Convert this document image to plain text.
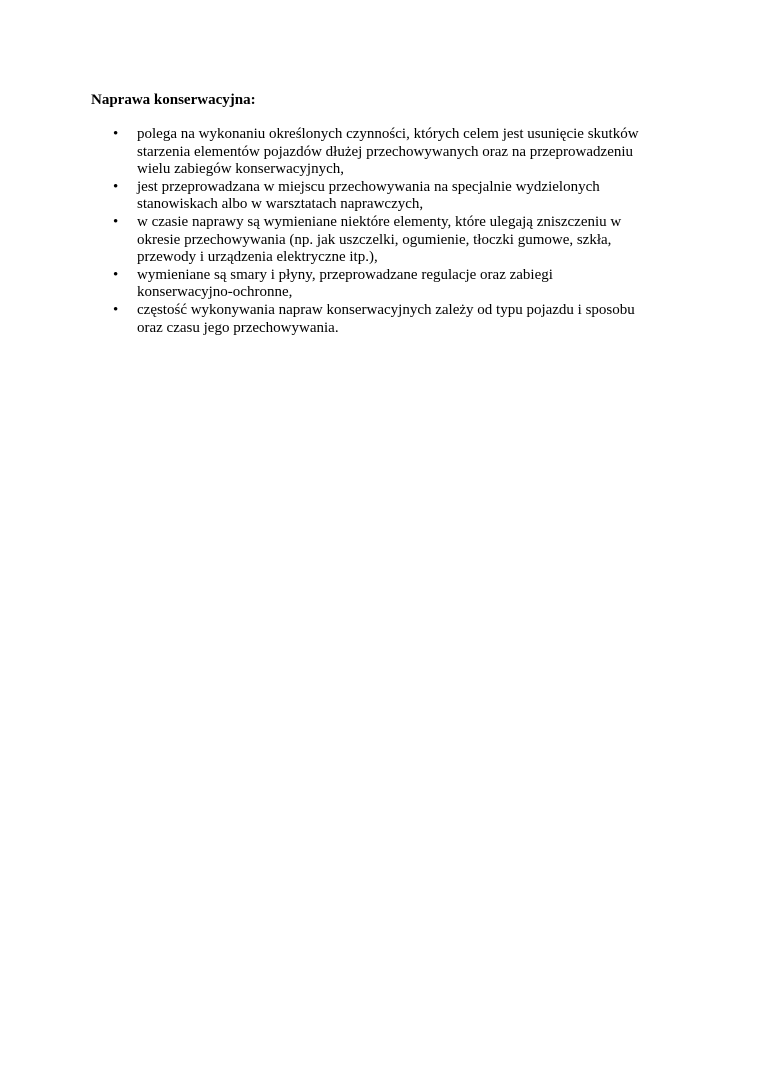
Naprawa konserwacyjna:

• polega na wykonaniu określonych czynności, których celem jest usunięcie skutków
starzenia elementów pojazdów dłużej przechowywanych oraz na przeprowadzeniu
wielu zabiegów konserwacyjnych,
• jest przeprowadzana w miejscu przechowywania na specjalnie wydzielonych
stanowiskach albo w warsztatach naprawczych,
• w czasie naprawy są wymieniane niektóre elementy, które ulegają zniszczeniu w
okresie przechowywania (np. jak uszczelki, ogumienie, tłoczki gumowe, szkła,
przewody i urządzenia elektryczne itp.),
• wymieniane są smary i płyny, przeprowadzane regulacje oraz zabiegi
konserwacyjno-ochronne,
• częstość wykonywania napraw konserwacyjnych zależy od typu pojazdu i sposobu
oraz czasu jego przechowywania.
